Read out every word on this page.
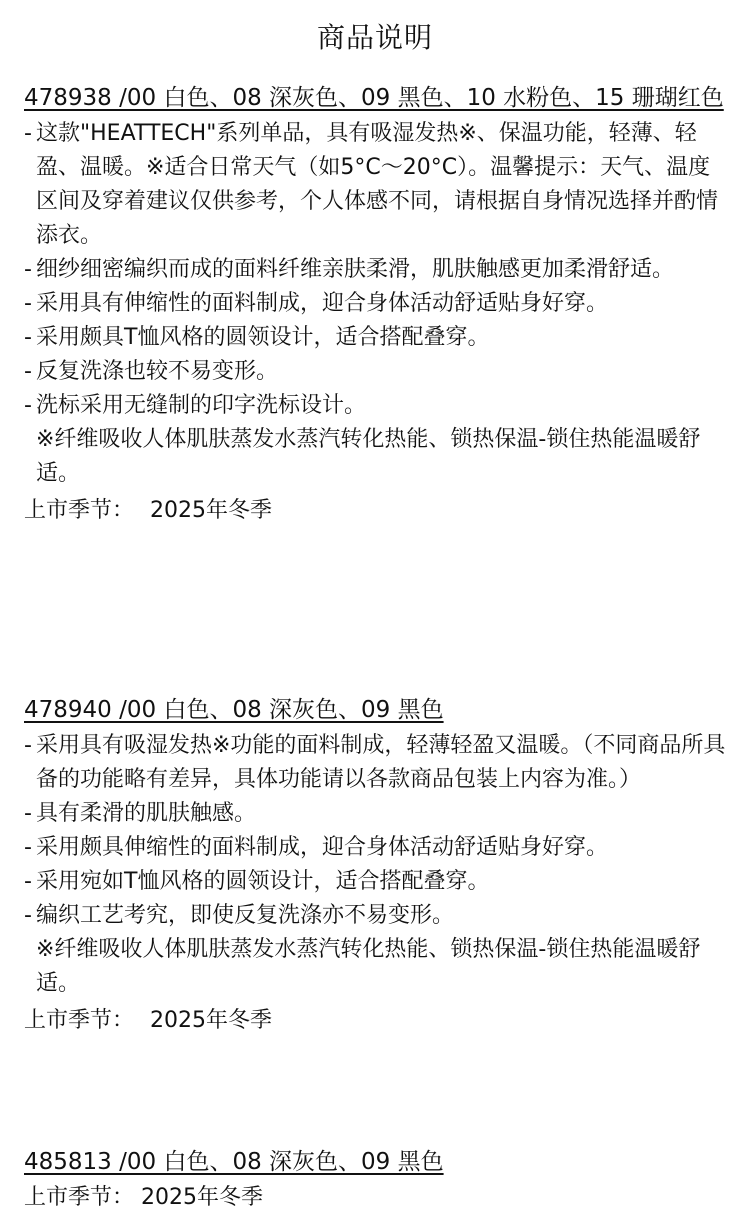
商品说明

478938 /00 白色、08 深灰色、09 黑色、10 水粉色、15 珊瑚红色

- 这款"HEATTECH"系列单品，具有吸湿发热※、保温功能，轻薄、轻盈、温暖。※适合日常天气（如5°C～20°C）。温馨提示：天气、温度区间及穿着建议仅供参考，个人体感不同，请根据自身情况选择并酌情添衣。
- 细纱细密编织而成的面料纤维亲肤柔滑，肌肤触感更加柔滑舒适。
- 采用具有伸缩性的面料制成，迎合身体活动舒适贴身好穿。
- 采用颇具T恤风格的圆领设计，适合搭配叠穿。
- 反复洗涤也较不易变形。
- 洗标采用无缝制的印字洗标设计。
※纤维吸收人体肌肤蒸发水蒸汽转化热能、锁热保温-锁住热能温暖舒适。
上市季节： 2025年冬季

478940 /00 白色、08 深灰色、09 黑色

- 采用具有吸湿发热※功能的面料制成，轻薄轻盈又温暖。（不同商品所具备的功能略有差异，具体功能请以各款商品包装上内容为准。）
- 具有柔滑的肌肤触感。
- 采用颇具伸缩性的面料制成，迎合身体活动舒适贴身好穿。
- 采用宛如T恤风格的圆领设计，适合搭配叠穿。
- 编织工艺考究，即使反复洗涤亦不易变形。
※纤维吸收人体肌肤蒸发水蒸汽转化热能、锁热保温-锁住热能温暖舒适。
上市季节： 2025年冬季

485813 /00 白色、08 深灰色、09 黑色

上市季节： 2025年冬季
